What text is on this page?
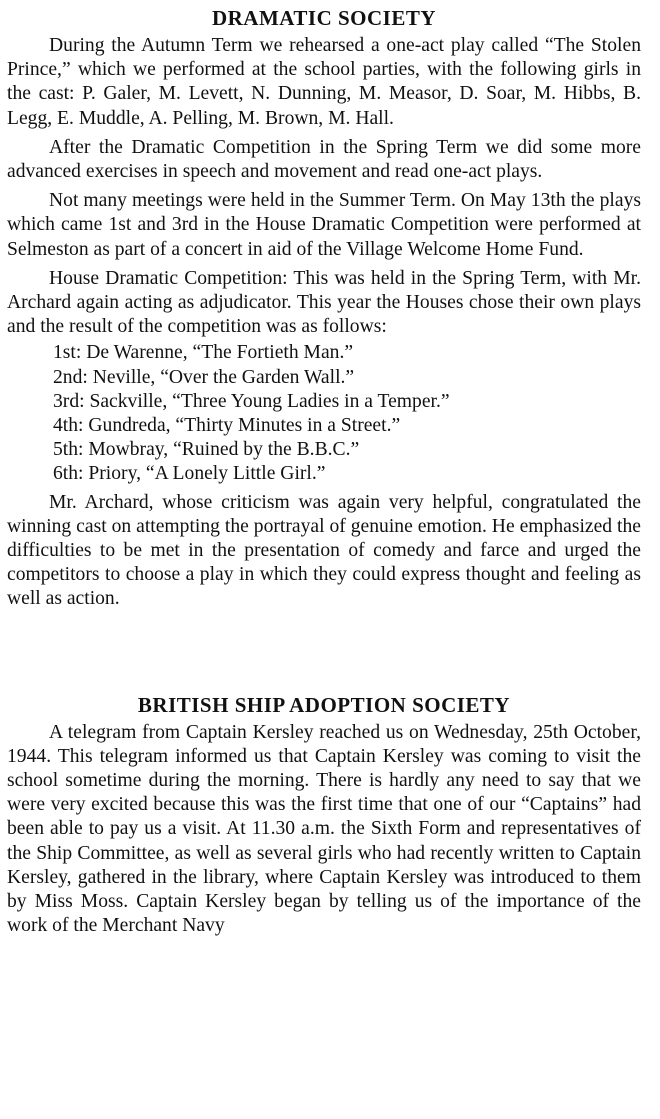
DRAMATIC SOCIETY

During the Autumn Term we rehearsed a one-act play called “The Stolen Prince,” which we performed at the school parties, with the following girls in the cast: P. Galer, M. Levett, N. Dunning, M. Measor, D. Soar, M. Hibbs, B. Legg, E. Muddle, A. Pelling, M. Brown, M. Hall.

After the Dramatic Competition in the Spring Term we did some more advanced exercises in speech and movement and read one-act plays.

Not many meetings were held in the Summer Term. On May 13th the plays which came 1st and 3rd in the House Dramatic Competition were performed at Selmeston as part of a concert in aid of the Village Welcome Home Fund.

House Dramatic Competition: This was held in the Spring Term, with Mr. Archard again acting as adjudicator. This year the Houses chose their own plays and the result of the competition was as follows:

1st: De Warenne, “The Fortieth Man.”
2nd: Neville, “Over the Garden Wall.”
3rd: Sackville, “Three Young Ladies in a Temper.”
4th: Gundreda, “Thirty Minutes in a Street.”
5th: Mowbray, “Ruined by the B.B.C.”
6th: Priory, “A Lonely Little Girl.”

Mr. Archard, whose criticism was again very helpful, congratulated the winning cast on attempting the portrayal of genuine emotion. He emphasized the difficulties to be met in the presentation of comedy and farce and urged the competitors to choose a play in which they could express thought and feeling as well as action.

BRITISH SHIP ADOPTION SOCIETY

A telegram from Captain Kersley reached us on Wednesday, 25th October, 1944. This telegram informed us that Captain Kersley was coming to visit the school sometime during the morning. There is hardly any need to say that we were very excited because this was the first time that one of our “Captains” had been able to pay us a visit. At 11.30 a.m. the Sixth Form and representatives of the Ship Committee, as well as several girls who had recently written to Captain Kersley, gathered in the library, where Captain Kersley was introduced to them by Miss Moss. Captain Kersley began by telling us of the importance of the work of the Merchant Navy
